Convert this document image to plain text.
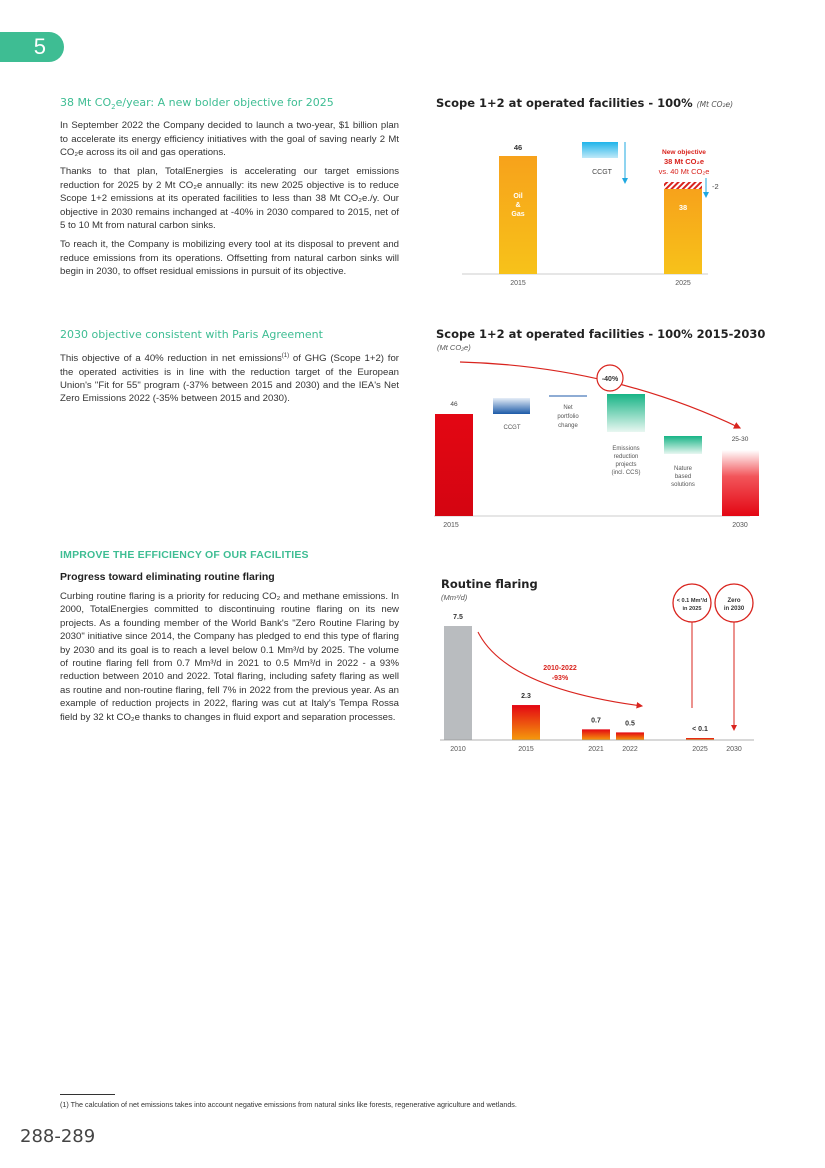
5
38 Mt $CO_2e$/year: A new bolder objective for 2025

In September 2022 the Company decided to launch a two-year, $1 billion plan to accelerate its energy efficiency initiatives with the goal of saving nearly 2 Mt CO₂e across its oil and gas operations.

Thanks to that plan, TotalEnergies is accelerating our target emissions reduction for 2025 by 2 Mt CO₂e annually: its new 2025 objective is to reduce Scope 1+2 emissions at its operated facilities to less than 38 Mt CO₂e./y. Our objective in 2030 remains inchanged at -40% in 2030 compared to 2015, net of 5 to 10 Mt from natural carbon sinks.

To reach it, the Company is mobilizing every tool at its disposal to prevent and reduce emissions from its operations. Offsetting from natural carbon sinks will begin in 2030, to offset residual emissions in pursuit of its objective.

2030 objective consistent with Paris Agreement

This objective of a 40% reduction in net emissions$^{(1)}$ of GHG (Scope 1+2) for the operated activities is in line with the reduction target of the European Union's "Fit for 55" program (-37% between 2015 and 2030) and the IEA's Net Zero Emissions 2022 (-35% between 2015 and 2030).

IMPROVE THE EFFICIENCY OF OUR FACILITIES
Progress toward eliminating routine flaring

Curbing routine flaring is a priority for reducing CO₂ and methane emissions. In 2000, TotalEnergies committed to discontinuing routine flaring on its new projects. As a founding member of the World Bank's "Zero Routine Flaring by 2030" initiative since 2014, the Company has pledged to end this type of flaring by 2030 and its goal is to reach a level below 0.1 Mm³/d by 2025. The volume of routine flaring fell from 0.7 Mm³/d in 2021 to 0.5 Mm³/d in 2022 - a 93% reduction between 2010 and 2022. Total flaring, including safety flaring as well as routine and non-routine flaring, fell 7% in 2022 from the previous year. As an example of reduction projects in 2022, flaring was cut at Italy's Tempa Rossa field by 32 kt CO₂e thanks to changes in fluid export and separation processes.

Scope 1+2 at operated facilities - 100% (Mt CO₂e)
46
Oil
&
Gas
CCGT
38
-2
New objective
38 Mt CO₂e
vs. 40 Mt CO₂e
2015	2025
Scope 1+2 at operated facilities - 100% 2015-2030
(Mt CO₂e)
46
CCGT
Net
portfolio
change
Emissions
reduction
projects
(incl. CCS)
Nature
based
solutions
25-30
-40%
2015	2030
Routine flaring
(Mm³/d)
7.5
2010
2.3
2015
0.7
2021
0.5
2022
< 0.1
2025	2030
2010-2022
-93%
< 0.1 Mm³/d
in 2025
Zero
in 2030
(1) The calculation of net emissions takes into account negative emissions from natural sinks like forests, regenerative agriculture and wetlands.
288-289
